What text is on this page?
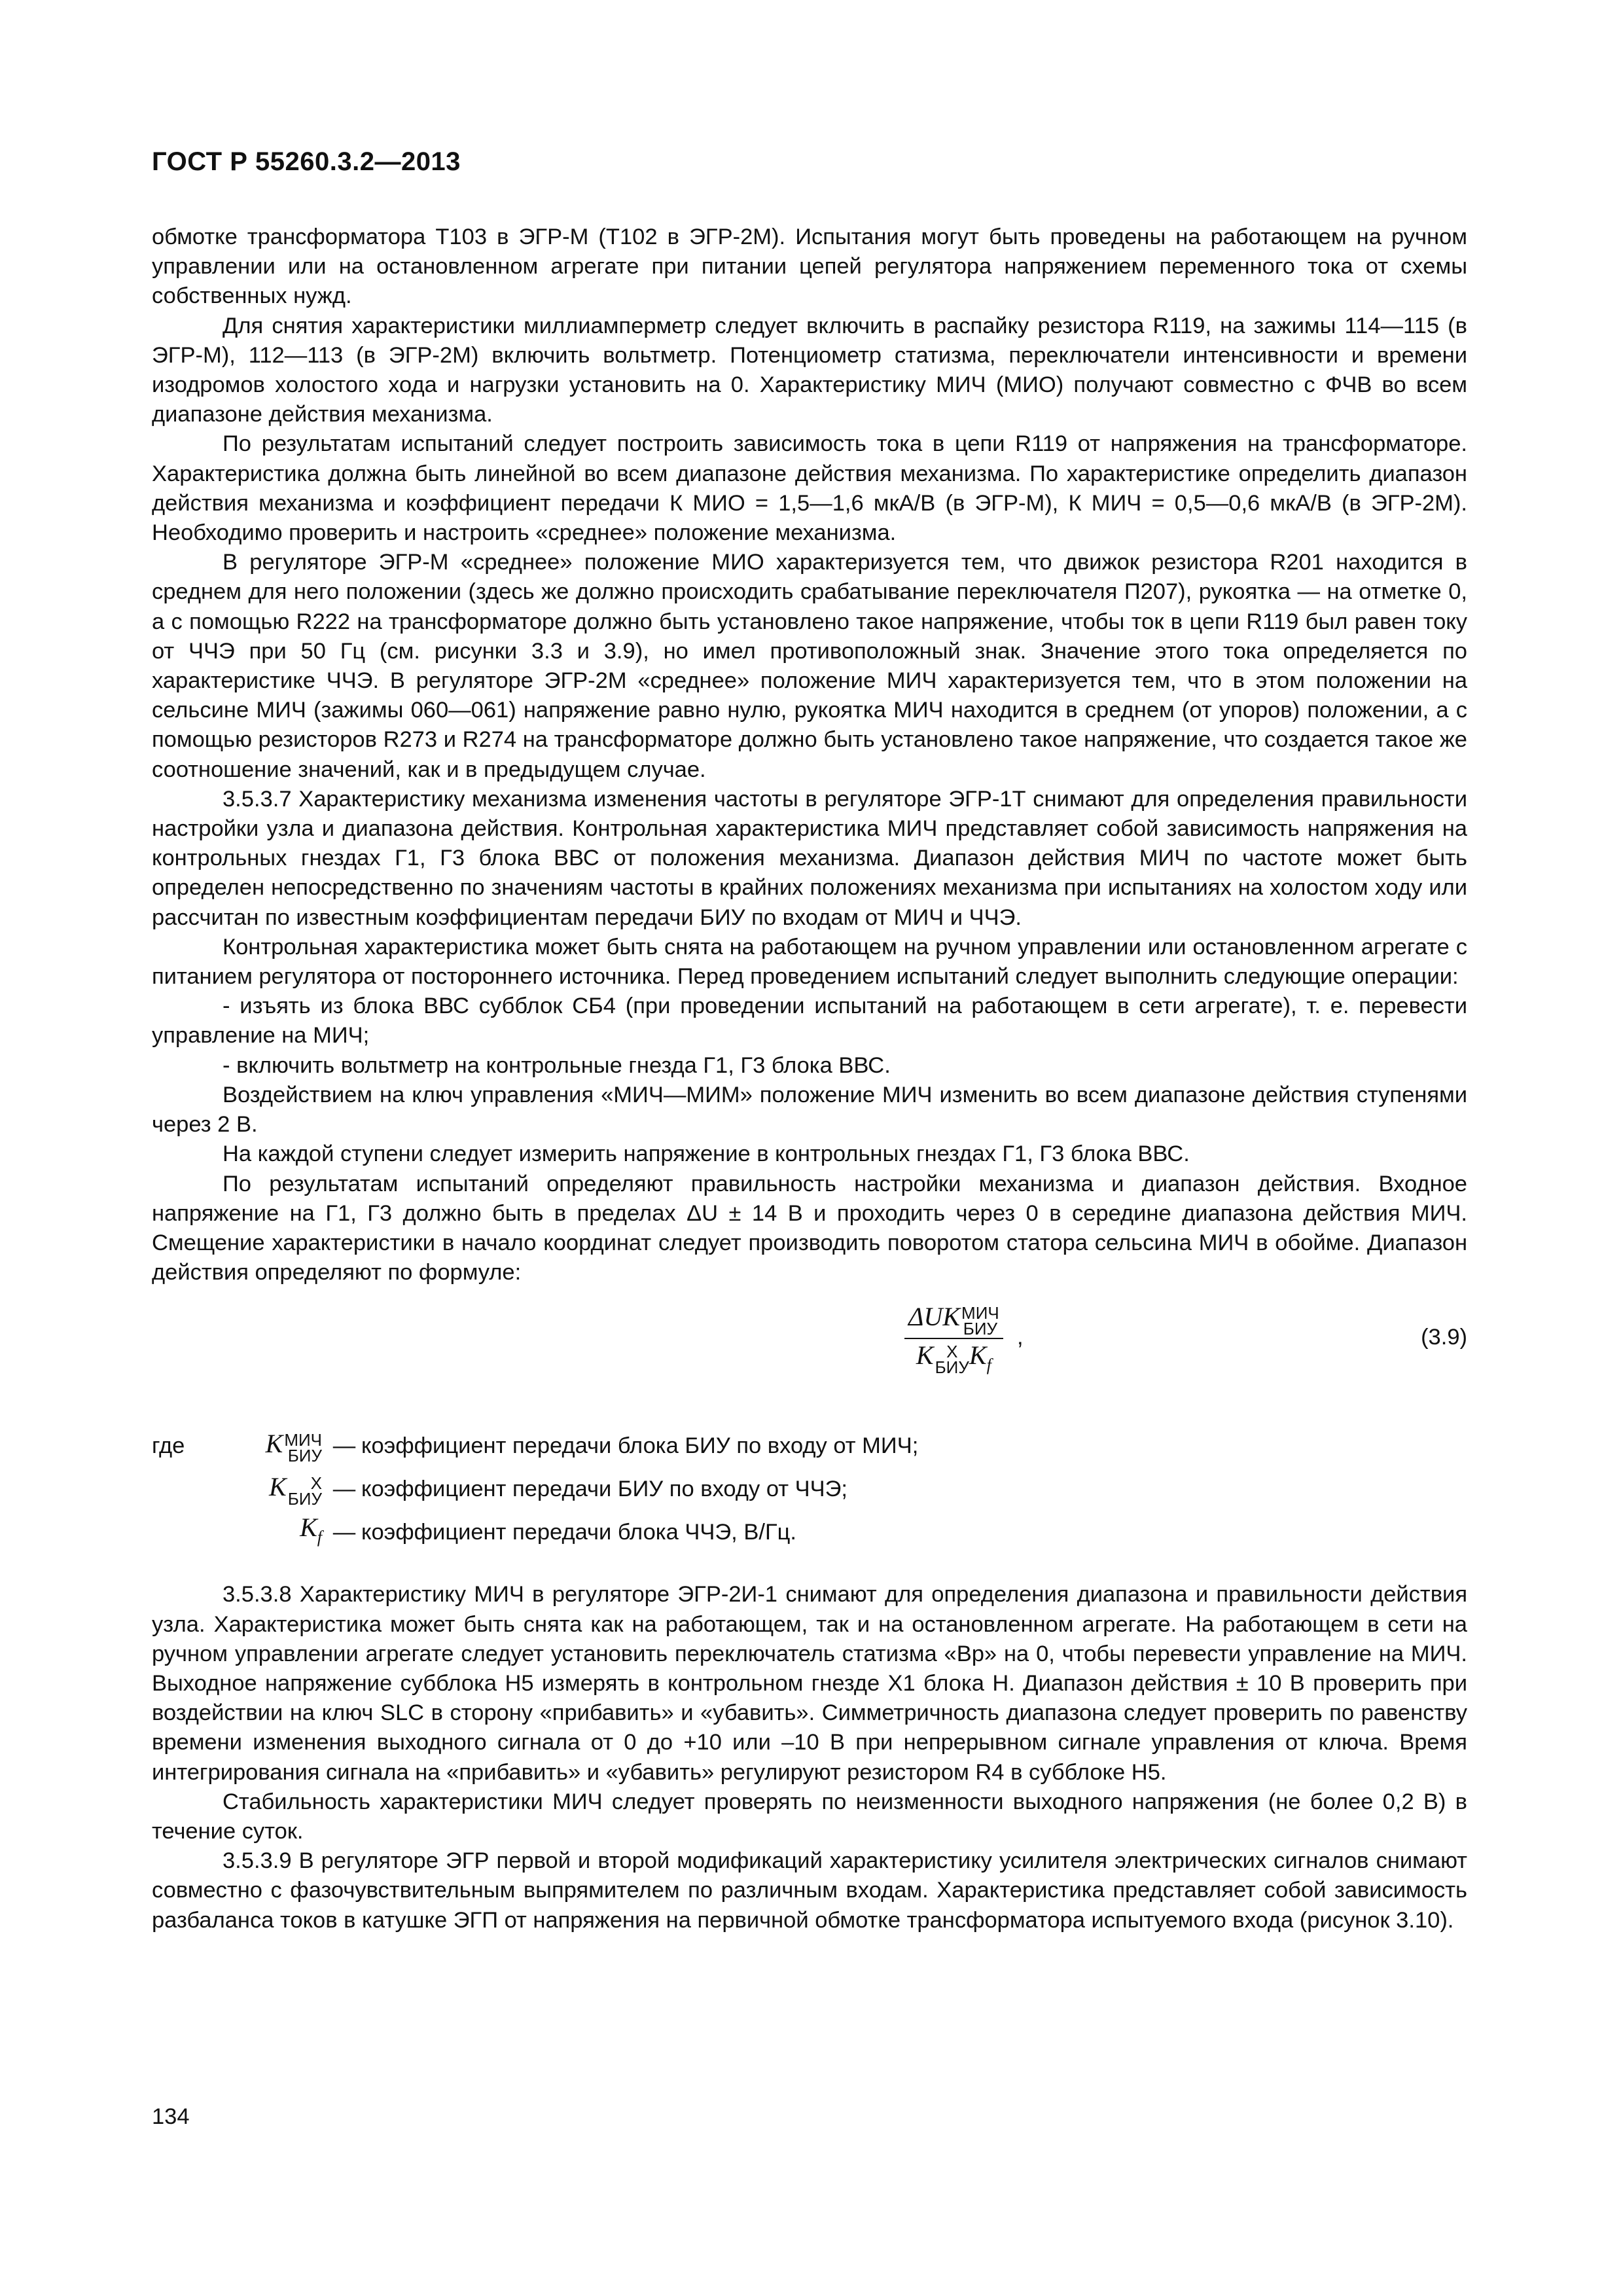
ГОСТ Р 55260.3.2—2013

обмотке трансформатора Т103 в ЭГР-М (Т102 в ЭГР-2М). Испытания могут быть проведены на работающем на ручном управлении или на остановленном агрегате при питании цепей регулятора напряжением переменного тока от схемы собственных нужд.

Для снятия характеристики миллиамперметр следует включить в распайку резистора R119, на зажимы 114—115 (в ЭГР-М), 112—113 (в ЭГР-2М) включить вольтметр. Потенциометр статизма, переключатели интенсивности и времени изодромов холостого хода и нагрузки установить на 0. Характеристику МИЧ (МИО) получают совместно с ФЧВ во всем диапазоне действия механизма.

По результатам испытаний следует построить зависимость тока в цепи R119 от напряжения на трансформаторе. Характеристика должна быть линейной во всем диапазоне действия механизма. По характеристике определить диапазон действия механизма и коэффициент передачи К МИО = 1,5—1,6 мкА/В (в ЭГР-М), К МИЧ = 0,5—0,6 мкА/В (в ЭГР-2М). Необходимо проверить и настроить «среднее» положение механизма.

В регуляторе ЭГР-М «среднее» положение МИО характеризуется тем, что движок резистора R201 находится в среднем для него положении (здесь же должно происходить срабатывание переключателя П207), рукоятка — на отметке 0, а с помощью R222 на трансформаторе должно быть установлено такое напряжение, чтобы ток в цепи R119 был равен току от ЧЧЭ при 50 Гц (см. рисунки 3.3 и 3.9), но имел противоположный знак. Значение этого тока определяется по характеристике ЧЧЭ. В регуляторе ЭГР-2М «среднее» положение МИЧ характеризуется тем, что в этом положении на сельсине МИЧ (зажимы 060—061) напряжение равно нулю, рукоятка МИЧ находится в среднем (от упоров) положении, а с помощью резисторов R273 и R274 на трансформаторе должно быть установлено такое напряжение, что создается такое же соотношение значений, как и в предыдущем случае.

3.5.3.7 Характеристику механизма изменения частоты в регуляторе ЭГР-1Т снимают для определения правильности настройки узла и диапазона действия. Контрольная характеристика МИЧ представляет собой зависимость напряжения на контрольных гнездах Г1, Г3 блока ВВС от положения механизма. Диапазон действия МИЧ по частоте может быть определен непосредственно по значениям частоты в крайних положениях механизма при испытаниях на холостом ходу или рассчитан по известным коэффициентам передачи БИУ по входам от МИЧ и ЧЧЭ.

Контрольная характеристика может быть снята на работающем на ручном управлении или остановленном агрегате с питанием регулятора от постороннего источника. Перед проведением испытаний следует выполнить следующие операции:

- изъять из блока ВВС субблок СБ4 (при проведении испытаний на работающем в сети агрегате), т. е. перевести управление на МИЧ;

- включить вольтметр на контрольные гнезда Г1, Г3 блока ВВС.

Воздействием на ключ управления «МИЧ—МИМ» положение МИЧ изменить во всем диапазоне действия ступенями через 2 В.

На каждой ступени следует измерить напряжение в контрольных гнездах Г1, Г3 блока ВВС.

По результатам испытаний определяют правильность настройки механизма и диапазон действия. Входное напряжение на Г1, Г3 должно быть в пределах ΔU ± 14 В и проходить через 0 в середине диапазона действия МИЧ. Смещение характеристики в начало координат следует производить поворотом статора сельсина МИЧ в обойме. Диапазон действия определяют по формуле:

ΔUK МИЧ
БИУ
K Х
БИУ $K_f$
,	(3.9)
где	K МИЧ
БИУ — коэффициент передачи блока БИУ по входу от МИЧ;
K	Х
БИУ — коэффициент передачи БИУ по входу от ЧЧЭ;
$K_f$ — коэффициент передачи блока ЧЧЭ, В/Гц.

3.5.3.8 Характеристику МИЧ в регуляторе ЭГР-2И-1 снимают для определения диапазона и правильности действия узла. Характеристика может быть снята как на работающем, так и на остановленном агрегате. На работающем в сети на ручном управлении агрегате следует установить переключатель статизма «Вр» на 0, чтобы перевести управление на МИЧ. Выходное напряжение субблока Н5 измерять в контрольном гнезде Х1 блока Н. Диапазон действия ± 10 В проверить при воздействии на ключ SLC в сторону «прибавить» и «убавить». Симметричность диапазона следует проверить по равенству времени изменения выходного сигнала от 0 до +10 или –10 В при непрерывном сигнале управления от ключа. Время интегрирования сигнала на «прибавить» и «убавить» регулируют резистором R4 в субблоке Н5.

Стабильность характеристики МИЧ следует проверять по неизменности выходного напряжения (не более 0,2 В) в течение суток.

3.5.3.9 В регуляторе ЭГР первой и второй модификаций характеристику усилителя электрических сигналов снимают совместно с фазочувствительным выпрямителем по различным входам. Характеристика представляет собой зависимость разбаланса токов в катушке ЭГП от напряжения на первичной обмотке трансформатора испытуемого входа (рисунок 3.10).

134
